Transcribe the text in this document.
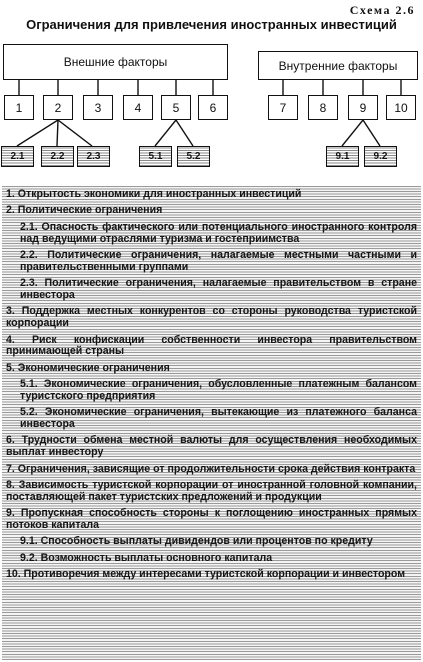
Схема 2.6
Ограничения для привлечения иностранных инвестиций
Внешние факторы	Внутренние факторы
1	2	3	4	5	6	7	8	9 10
2.1	2.2 2.3	5.1 5.2	9.1 9.2
1. Открытость экономики для иностранных инвестиций
2. Политические ограничения
2.1. Опасность фактического или потенциального иностранного контроля над ведущими отраслями туризма и гостеприимства
2.2. Политические ограничения, налагаемые местными частными и правительственными группами
2.3. Политические ограничения, налагаемые правительством в стране инвестора
3. Поддержка местных конкурентов со стороны руководства туристской корпорации
4. Риск конфискации собственности инвестора правительством принимающей страны
5. Экономические ограничения
5.1. Экономические ограничения, обусловленные платежным балансом туристского предприятия
5.2. Экономические ограничения, вытекающие из платежного баланса инвестора
6. Трудности обмена местной валюты для осуществления необходимых выплат инвестору
7. Ограничения, зависящие от продолжительности срока действия контракта
8. Зависимость туристской корпорации от иностранной головной компании, поставляющей пакет туристских предложений и продукции
9. Пропускная способность стороны к поглощению иностранных прямых потоков капитала
9.1. Способность выплаты дивидендов или процентов по кредиту
9.2. Возможность выплаты основного капитала
10. Противоречия между интересами туристской корпорации и инвестором
